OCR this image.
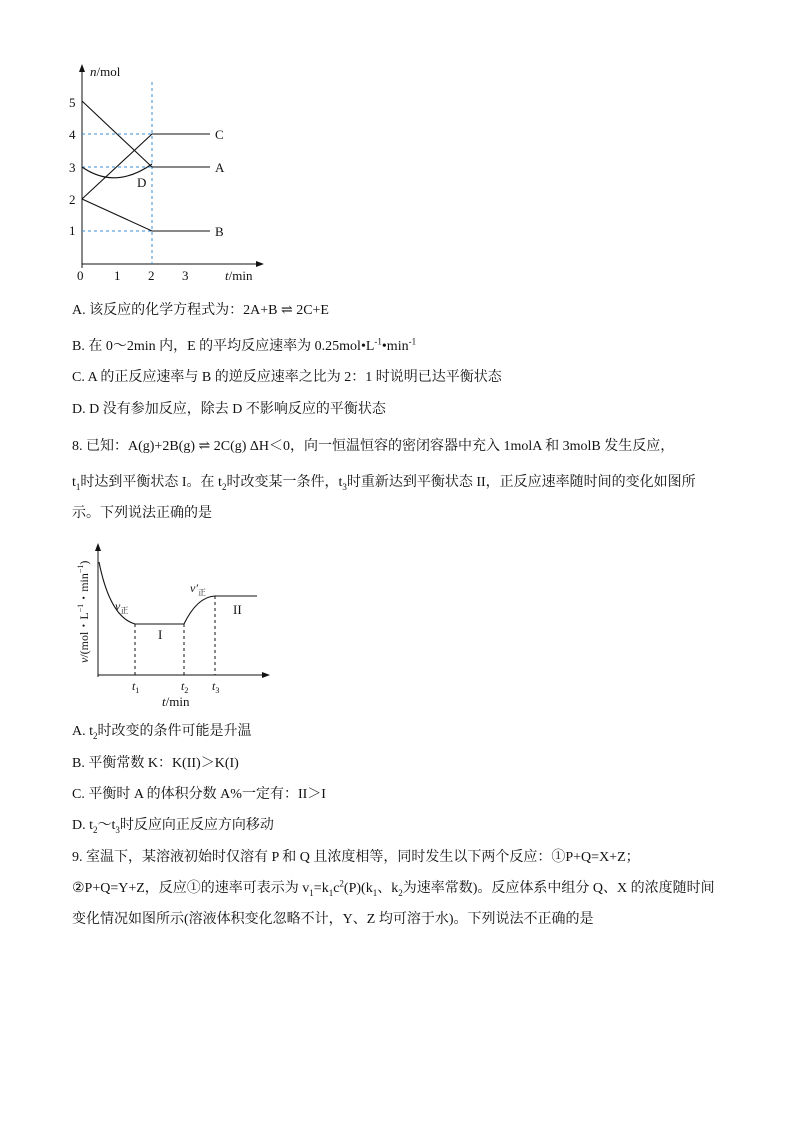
n/mol
t/min
1
2
3
4
5
0 1 2 3
C
A
B
D
A. 该反应的化学方程式为：2A+B ⇌ 2C+E
B. 在 0～2min 内，E 的平均反应速率为 $0.25mol•L^{-1}•\min^{-1}$
C. A 的正反应速率与 B 的逆反应速率之比为 2：1 时说明已达平衡状态
D. D 没有参加反应，除去 D 不影响反应的平衡状态
8. 已知：A(g)+2B(g) ⇌ 2C(g) ΔH＜0，向一恒温恒容的密闭容器中充入 1molA 和 3molB 发生反应，
$t_1$时达到平衡状态 I。在 $t_2$时改变某一条件，$t_3$时重新达到平衡状态 II，正反应速率随时间的变化如图所
示。下列说法正确的是
v/(mol・$L^{-1}$・$\min^{-1}$)
$v_正$
$v'_正$
I
II
$t_1$	$t_2$ $t_3$
t/min
A. $t_2$时改变的条件可能是升温
B. 平衡常数 K：K(II)＞K(I)
C. 平衡时 A 的体积分数 A%一定有：II＞I
D. $t_2\sim t_3$时反应向正反应方向移动
9. 室温下，某溶液初始时仅溶有 P 和 Q 且浓度相等，同时发生以下两个反应：①P+Q=X+Z；
②P+Q=Y+Z，反应①的速率可表示为 $v_1=k_1c^2(P)(k_1$、$k_2$为速率常数)。反应体系中组分 Q、X 的浓度随时间
变化情况如图所示(溶液体积变化忽略不计，Y、Z 均可溶于水)。下列说法不正确的是
